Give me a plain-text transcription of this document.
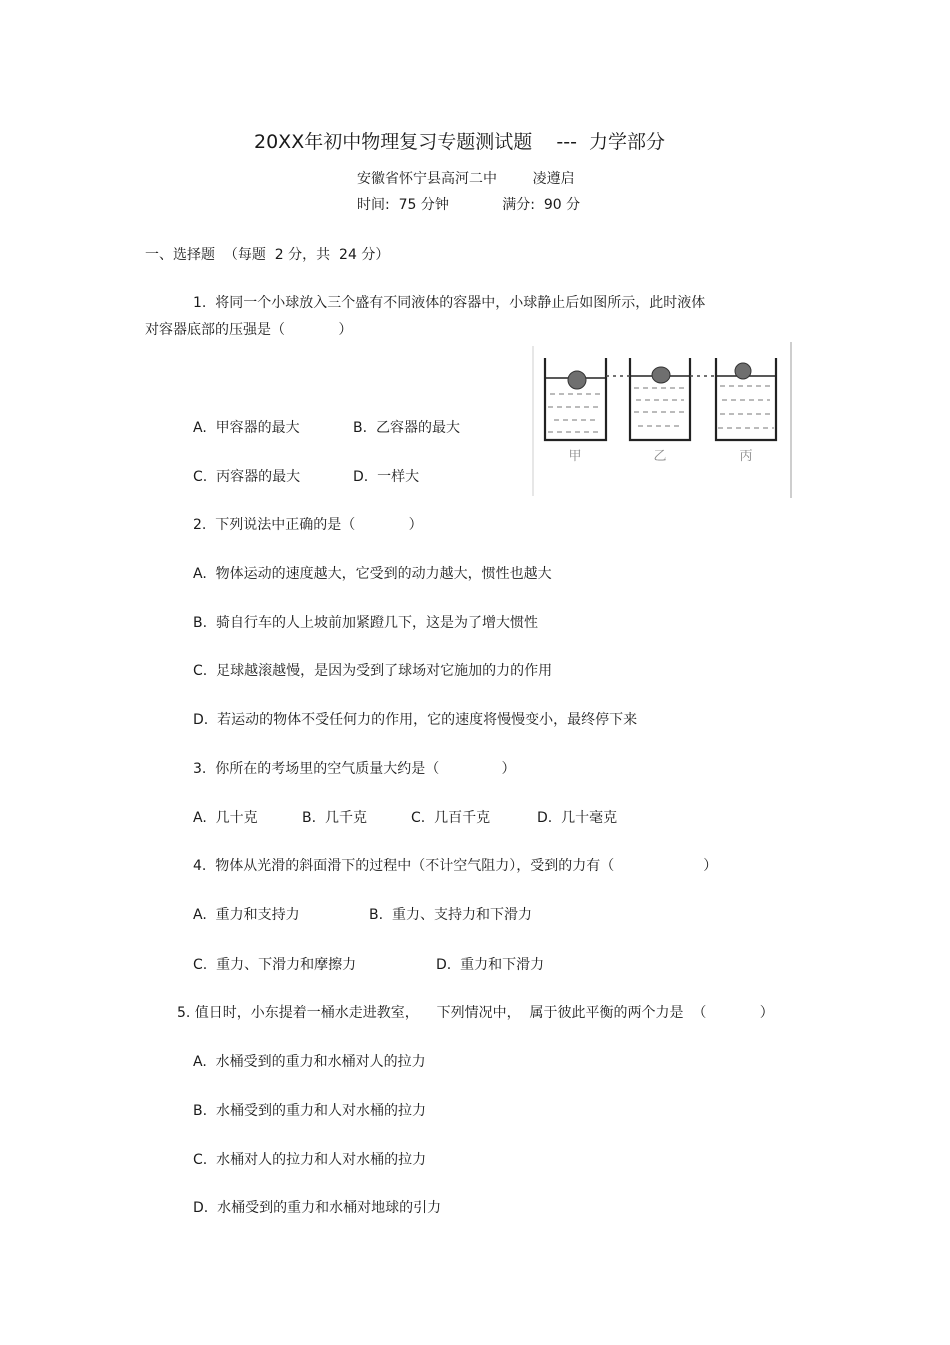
20XX年初中物理复习专题测试题    ---  力学部分
安徽省怀宁县高河二中        凌遵启
时间:  75 分钟            满分:  90 分
一、选择题  （每题  2 分，共  24 分）
1.  将同一个小球放入三个盛有不同液体的容器中，小球静止后如图所示，此时液体
对容器底部的压强是（            ）
A.  甲容器的最大	B.  乙容器的最大
C.  丙容器的最大	D.  一样大
甲	乙	丙
2.  下列说法中正确的是（            ）
A.  物体运动的速度越大，它受到的动力越大，惯性也越大
B.  骑自行车的人上坡前加紧蹬几下，这是为了增大惯性
C.  足球越滚越慢，是因为受到了球场对它施加的力的作用
D.  若运动的物体不受任何力的作用，它的速度将慢慢变小，最终停下来
3.  你所在的考场里的空气质量大约是（              ）
A.  几十克	B.  几千克	C.  几百千克	D.  几十毫克
4.  物体从光滑的斜面滑下的过程中（不计空气阻力），受到的力有（                    ）
A.  重力和支持力	B.  重力、支持力和下滑力
C.  重力、下滑力和摩擦力	D.  重力和下滑力
5. 值日时，小东提着一桶水走进教室，    下列情况中，  属于彼此平衡的两个力是  （            ）
A.  水桶受到的重力和水桶对人的拉力
B.  水桶受到的重力和人对水桶的拉力
C.  水桶对人的拉力和人对水桶的拉力
D.  水桶受到的重力和水桶对地球的引力
